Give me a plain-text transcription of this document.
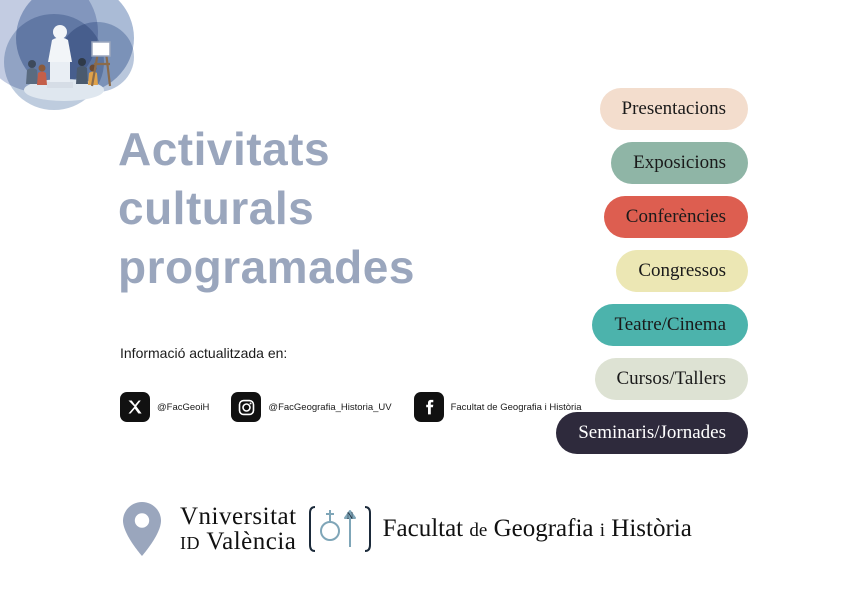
Activitats
culturals
programades
Informació actualitzada en:
@FacGeoiH	@FacGeografia_Historia_UV	Facultat de Geografia i Història
Presentacions
Exposicions
Conferències
Congressos
Teatre/Cinema
Cursos/Tallers
Seminaris/Jornades
Vniversitat
ID València
N Facultat de Geografia i Història
